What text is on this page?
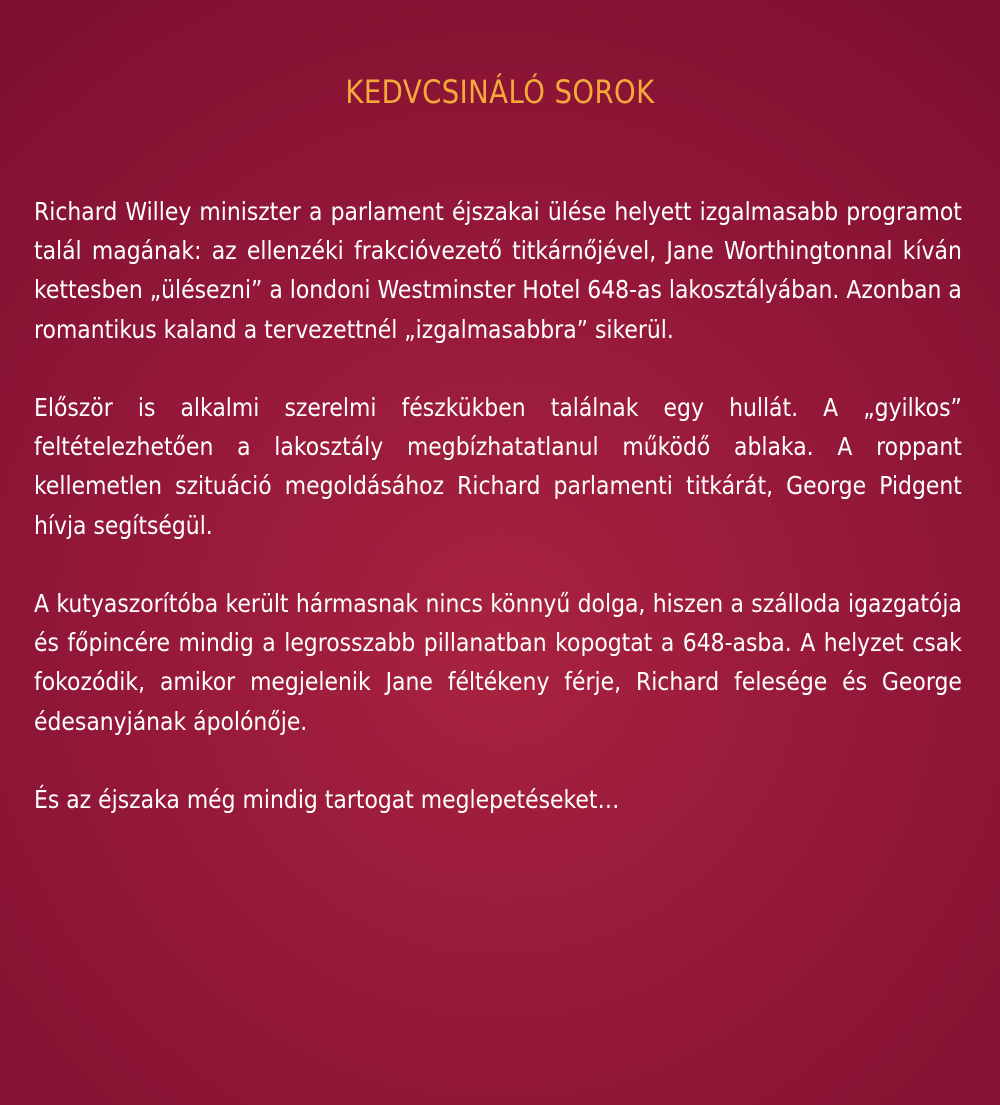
KEDVCSINÁLÓ SOROK

Richard Willey miniszter a parlament éjszakai ülése helyett izgalmasabb programot talál magának: az ellenzéki frakcióvezető titkárnőjével, Jane Worthingtonnal kíván kettesben „ülésezni” a londoni Westminster Hotel 648-as lakosztályában. Azonban a romantikus kaland a tervezettnél „izgalmasabbra” sikerül.

Először is alkalmi szerelmi fészkükben találnak egy hullát. A „gyilkos” feltételezhetően a lakosztály megbízhatatlanul működő ablaka. A roppant kellemetlen szituáció megoldásához Richard parlamenti titkárát, George Pidgent hívja segítségül.

A kutyaszorítóba került hármasnak nincs könnyű dolga, hiszen a szálloda igazgatója és főpincére mindig a legrosszabb pillanatban kopogtat a 648-asba. A helyzet csak fokozódik, amikor megjelenik Jane féltékeny férje, Richard felesége és George édesanyjának ápolónője.

És az éjszaka még mindig tartogat meglepetéseket…
